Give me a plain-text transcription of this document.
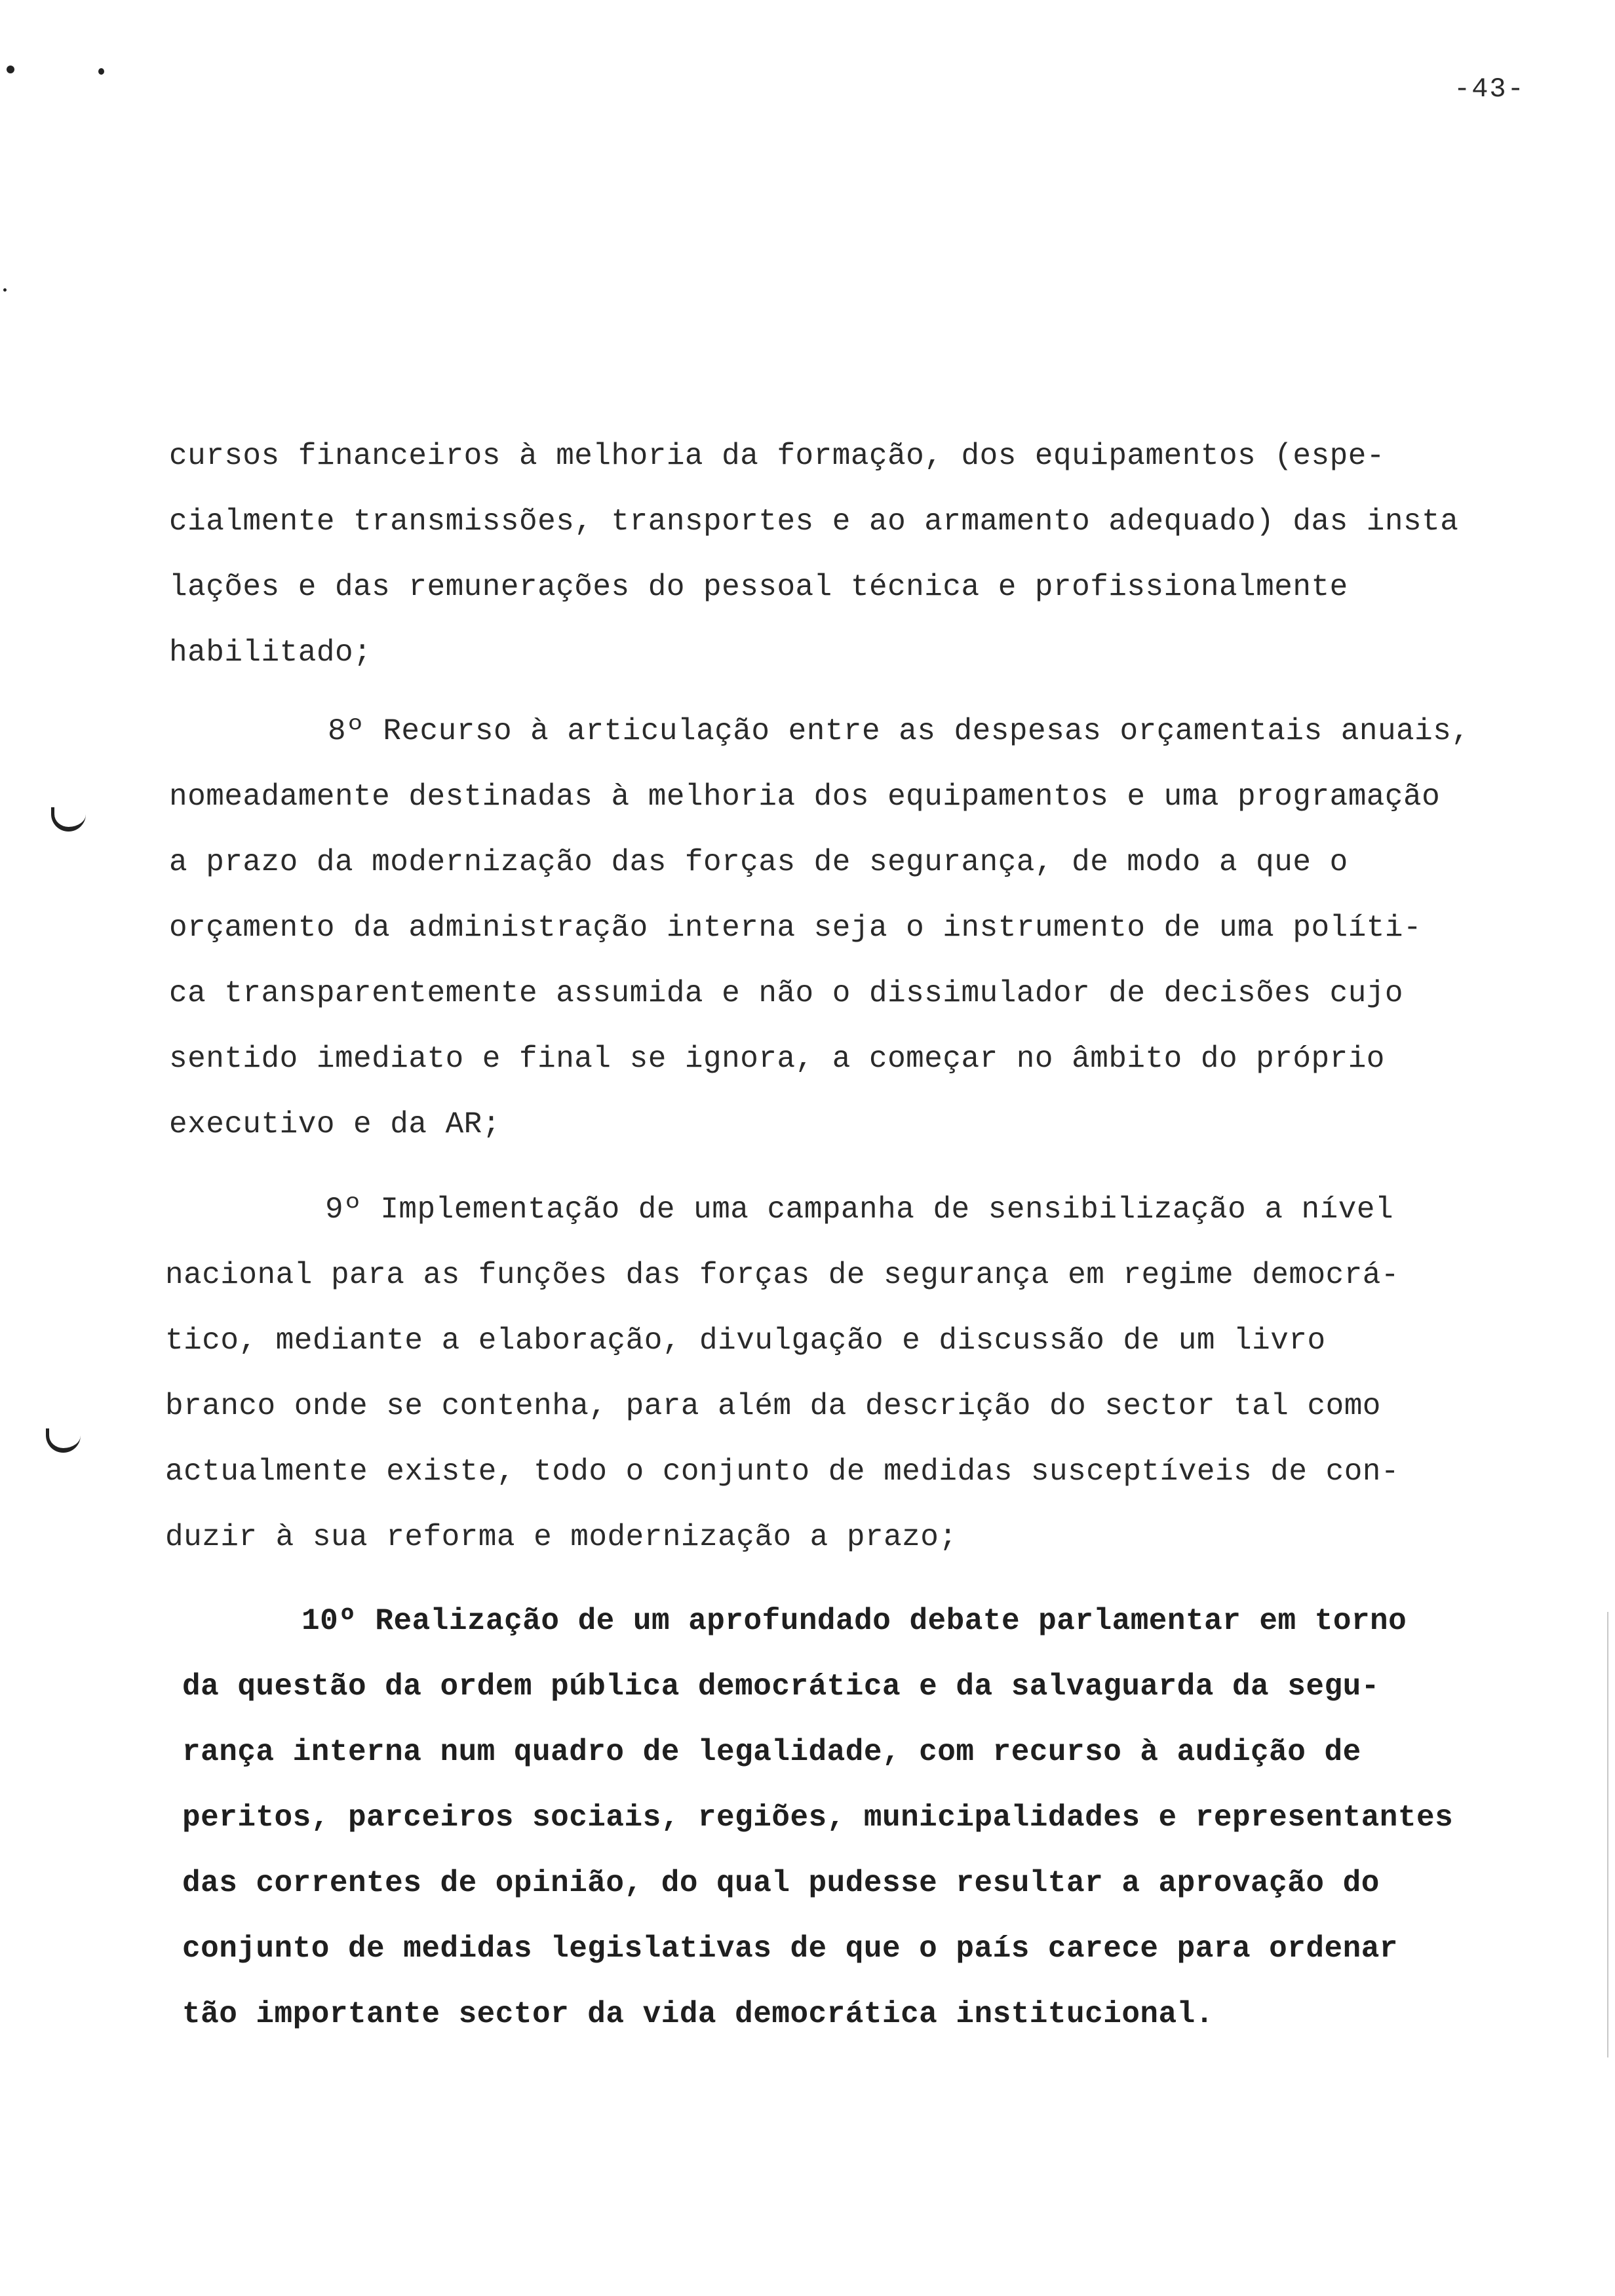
-43-
cursos financeiros à melhoria da formação, dos equipamentos (espe-
cialmente transmissões, transportes e ao armamento adequado) das insta
lações e das remunerações do pessoal técnica e profissionalmente
habilitado;
8º Recurso à articulação entre as despesas orçamentais anuais,
nomeadamente destinadas à melhoria dos equipamentos e uma programação
a prazo da modernização das forças de segurança, de modo a que o
orçamento da administração interna seja o instrumento de uma políti-
ca transparentemente assumida e não o dissimulador de decisões cujo
sentido imediato e final se ignora, a começar no âmbito do próprio
executivo e da AR;
9º Implementação de uma campanha de sensibilização a nível
nacional para as funções das forças de segurança em regime democrá-
tico, mediante a elaboração, divulgação e discussão de um livro
branco onde se contenha, para além da descrição do sector tal como
actualmente existe, todo o conjunto de medidas susceptíveis de con-
duzir à sua reforma e modernização a prazo;
10º Realização de um aprofundado debate parlamentar em torno
da questão da ordem pública democrática e da salvaguarda da segu-
rança interna num quadro de legalidade, com recurso à audição de
peritos, parceiros sociais, regiões, municipalidades e representantes
das correntes de opinião, do qual pudesse resultar a aprovação do
conjunto de medidas legislativas de que o país carece para ordenar
tão importante sector da vida democrática institucional.
